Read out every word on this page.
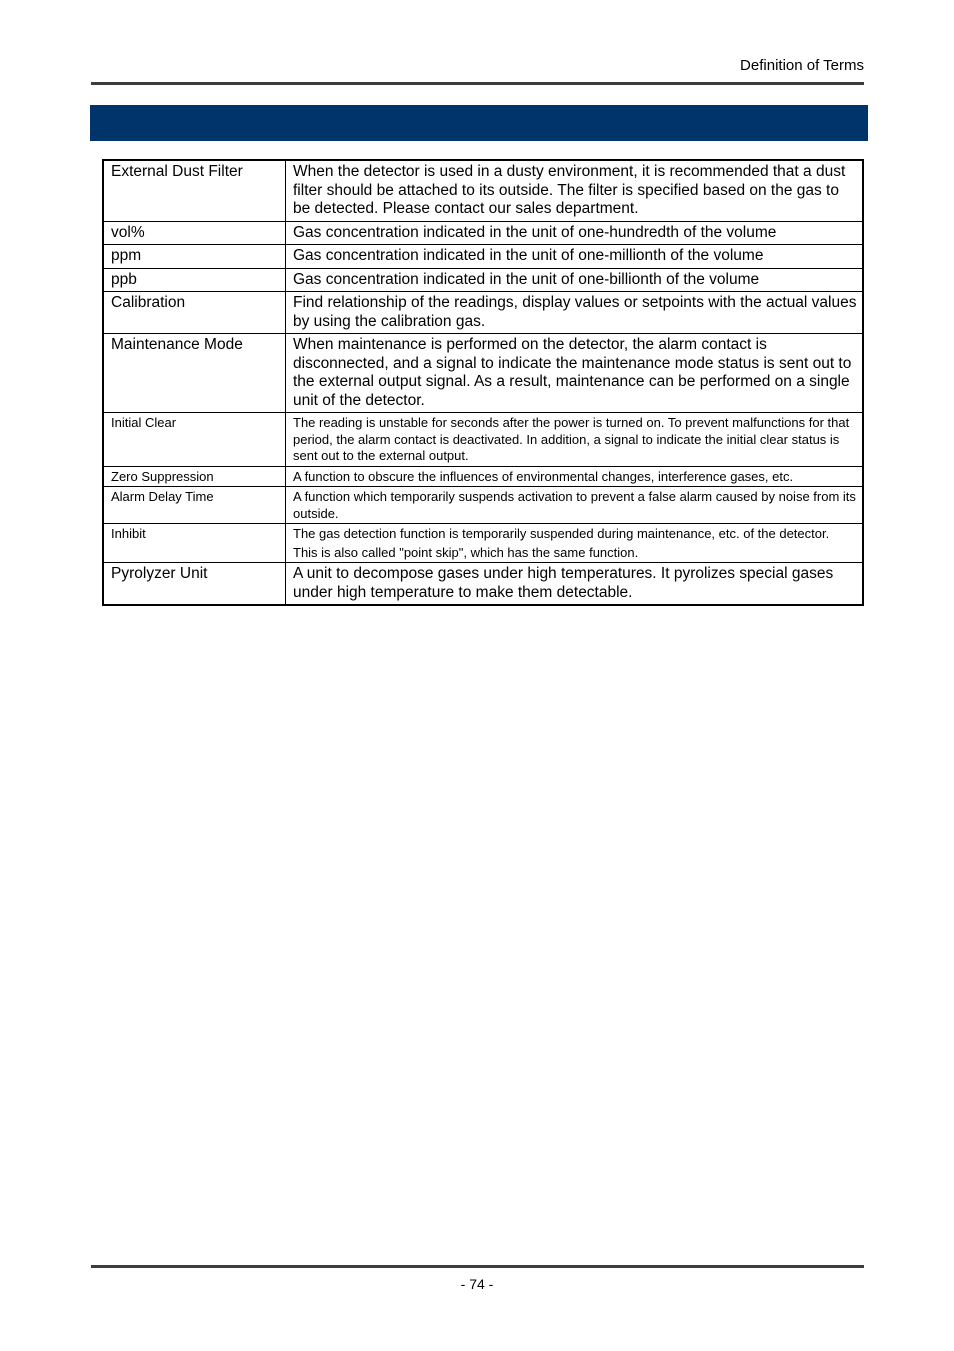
Definition of Terms
External Dust Filter	When the detector is used in a dusty environment, it is recommended that a dust filter should be attached to its outside. The filter is specified based on the gas to be detected. Please contact our sales department.

vol%	Gas concentration indicated in the unit of one-hundredth of the volume

ppm	Gas concentration indicated in the unit of one-millionth of the volume

ppb	Gas concentration indicated in the unit of one-billionth of the volume

Calibration	Find relationship of the readings, display values or setpoints with the actual values by using the calibration gas.

Maintenance Mode	When maintenance is performed on the detector, the alarm contact is disconnected, and a signal to indicate the maintenance mode status is sent out to the external output signal. As a result, maintenance can be performed on a single unit of the detector.

Initial Clear	The reading is unstable for seconds after the power is turned on. To prevent malfunctions for that period, the alarm contact is deactivated. In addition, a signal to indicate the initial clear status is sent out to the external output.

Zero Suppression	A function to obscure the influences of environmental changes, interference gases, etc.

Alarm Delay Time	A function which temporarily suspends activation to prevent a false alarm caused by noise from its outside.

Inhibit	The gas detection function is temporarily suspended during maintenance, etc. of the detector.

This is also called "point skip", which has the same function.

Pyrolyzer Unit	A unit to decompose gases under high temperatures. It pyrolizes special gases under high temperature to make them detectable.

- 74 -
